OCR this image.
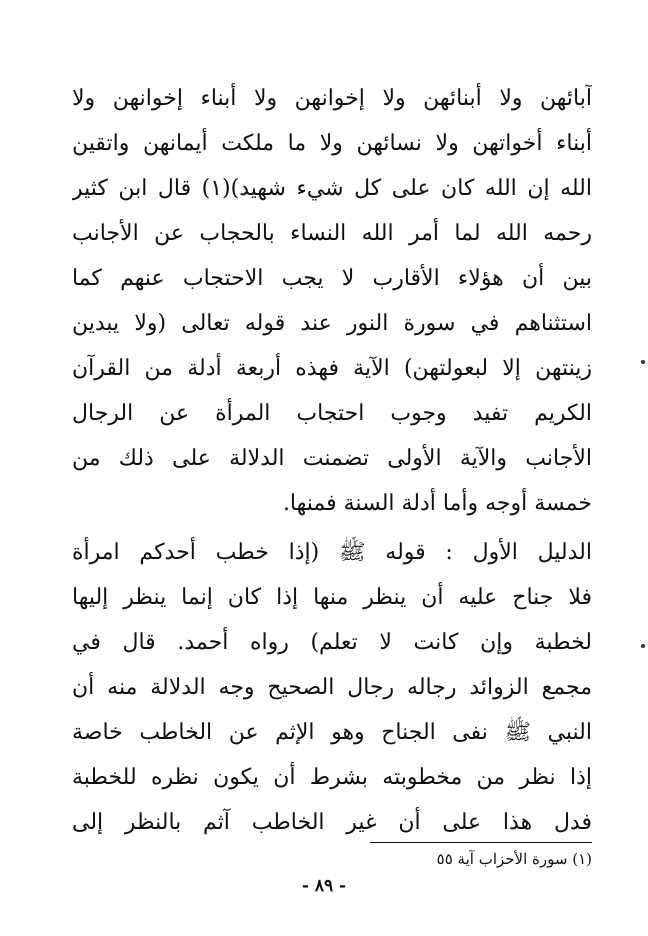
آبائهن ولا أبنائهن ولا إخوانهن ولا أبناء إخوانهن ولا
أبناء أخواتهن ولا نسائهن ولا ما ملكت أيمانهن واتقين
الله إن الله كان على كل شيء شهيد)(١) قال ابن كثير
رحمه الله لما أمر الله النساء بالحجاب عن الأجانب
بين أن هؤلاء الأقارب لا يجب الاحتجاب عنهم كما
استثناهم في سورة النور عند قوله تعالى (ولا يبدين
زينتهن إلا لبعولتهن) الآية فهذه أربعة أدلة من القرآن
الكريم تفيد وجوب احتجاب المرأة عن الرجال
الأجانب والآية الأولى تضمنت الدلالة على ذلك من
خمسة أوجه وأما أدلة السنة فمنها.
الدليل الأول : قوله ﷺ (إذا خطب أحدكم امرأة
فلا جناح عليه أن ينظر منها إذا كان إنما ينظر إليها
لخطبة وإن كانت لا تعلم) رواه أحمد. قال في
مجمع الزوائد رجاله رجال الصحيح وجه الدلالة منه أن
النبي ﷺ نفى الجناح وهو الإثم عن الخاطب خاصة
إذا نظر من مخطوبته بشرط أن يكون نظره للخطبة
فدل هذا على أن غير الخاطب آثم بالنظر إلى
(١) سورة الأحزاب آية ٥٥
- ٨٩ -
